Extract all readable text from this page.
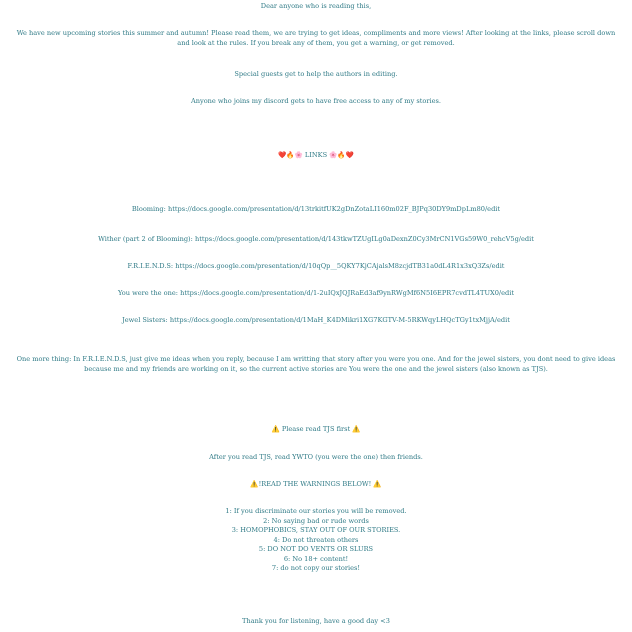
Dear anyone who is reading this,

We have new upcoming stories this summer and autumn! Please read them, we are trying to get ideas, compliments and more views! After looking at the links, please scroll down and look at the rules. If you break any of them, you get a warning, or get removed.

Special guests get to help the authors in editing.

Anyone who joins my discord gets to have free access to any of my stories.

❤️🔥🌸 LINKS 🌸🔥❤️

Blooming: https://docs.google.com/presentation/d/13trkitfUK2gDnZotaLI160m02F_BJPq30DY9mDpLm80/edit

Wither (part 2 of Blooming): https://docs.google.com/presentation/d/143tkwTZUgILg0aDexnZ0Cy3MrCN1VGs59W0_rehcV5g/edit

F.R.I.E.N.D.S: https://docs.google.com/presentation/d/10qQp__5QKY7KjCAjalsM8zcjdTB31a0dL4R1x3xQ3Zs/edit

You were the one: https://docs.google.com/presentation/d/1-2uIQxJQJRaEd3af9ynRWgMf6N5I6EPR7cvdTL4TUX0/edit

Jewel Sisters: https://docs.google.com/presentation/d/1MaH_K4DMikri1XG7KGTV-M-5RKWqyLHQcTGy1txMjjA/edit

One more thing: In F.R.I.E.N.D.S, just give me ideas when you reply, because I am writting that story after you were you one. And for the jewel sisters, you dont need to give ideas because me and my friends are working on it, so the current active stories are You were the one and the jewel sisters (also known as TJS).

⚠️ Please read TJS first ⚠️

After you read TJS, read YWTO (you were the one) then friends.

⚠️!READ THE WARNINGS BELOW! ⚠️

1: If you discriminate our stories you will be removed.
2: No saying bad or rude words
3: HOMOPHOBICS, STAY OUT OF OUR STORIES.
4: Do not threaten others
5: DO NOT DO VENTS OR SLURS
6: No 18+ content!
7: do not copy our stories!

Thank you for listening, have a good day <3
